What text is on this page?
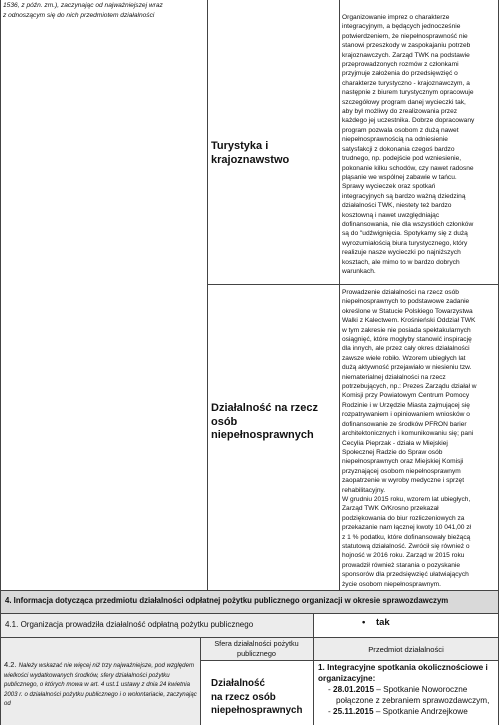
1536, z późn. zm.), zaczynając od najważniejszej wraz
z odnoszącym się do nich przedmiotem działalności
Turystyka i krajoznawstwo
Organizowanie imprez o charakterze
integracyjnym, a będących jednocześnie
potwierdzeniem, że niepełnosprawność nie
stanowi przeszkody w zaspokajaniu potrzeb
krajoznawczych. Zarząd TWK na podstawie
przeprowadzonych rozmów z członkami
przyjmuje założenia do przedsięwzięć o
charakterze turystyczno - krajoznawczym, a
następnie z biurem turystycznym opracowuje
szczegółowy program danej wycieczki tak,
aby był możliwy do zrealizowania przez
każdego jej uczestnika. Dobrze dopracowany
program pozwala osobom z dużą nawet
niepełnosprawnością na odniesienie
satysfakcji z dokonania czegoś bardzo
trudnego, np. podejście pod wzniesienie,
pokonanie kilku schodów, czy nawet radosne
pląsanie we wspólnej zabawie w tańcu.
Sprawy wycieczek oraz spotkań
integracyjnych są bardzo ważną dziedziną
działalności TWK, niestety też bardzo
kosztowną i nawet uwzględniając
dofinansowania, nie dla wszystkich członków
są do "udźwignięcia. Spotykamy się z dużą
wyrozumiałością biura turystycznego, który
realizuje nasze wycieczki po najniższych
kosztach, ale mimo to w bardzo dobrych
warunkach.
Działalność na rzecz osób niepełnosprawnych
Prowadzenie działalności na rzecz osób
niepełnosprawnych to podstawowe zadanie
określone w Statucie Polskiego Towarzystwa
Walki z Kalectwem. Krośnieński Oddział TWK
w tym zakresie nie posiada spektakularnych
osiągnięć, które mogłyby stanowić inspirację
dla innych, ale przez cały okres działalności
zawsze wiele robiło. Wzorem ubiegłych lat
dużą aktywność przejawiało w niesieniu tzw.
niematerialnej działalności na rzecz
potrzebujących, np.: Prezes Zarządu działał w
Komisji przy Powiatowym Centrum Pomocy
Rodzinie i w Urzędzie Miasta zajmującej się
rozpatrywaniem i opiniowaniem wniosków o
dofinansowanie ze środków PFRON barier
architektonicznych i komunikowaniu się; pani
Cecylia Pieprzak - działa w Miejskiej
Społecznej Radzie do Spraw osób
niepełnosprawnych oraz Miejskiej Komisji
przyznającej osobom niepełnosprawnym
zaopatrzenie w wyroby medyczne i sprzęt
rehabilitacyjny.
W grudniu 2015 roku, wzorem lat ubiegłych,
Zarząd TWK O/Krosno przekazał
podziękowania do biur rozliczeniowych za
przekazanie nam łącznej kwoty 10 041,00 zł
z 1 % podatku, które dofinansowały bieżącą
statutową działalność. Zwrócił się również o
hojność w 2016 roku. Zarząd w 2015 roku
prowadził również starania o pozyskanie
sponsorów dla przedsięwzięć ułatwiających
życie osobom niepełnosprawnym.
4. Informacja dotycząca przedmiotu działalności odpłatnej pożytku publicznego organizacji w okresie sprawozdawczym
4.1. Organizacja prowadziła działalność odpłatną pożytku publicznego	• tak
4.2. Należy wskazać nie więcej niż trzy najważniejsze, pod względem wielkości wydatkowanych środków, sfery działalności pożytku publicznego, o których mowa w art. 4 ust.1 ustawy z dnia 24 kwietnia 2003 r. o działalności pożytku publicznego i o wolontariacie, zaczynając od
Sfera działalności pożytku publicznego	Przedmiot działalności
Działalność
na rzecz osób
niepełnosprawnych
1. Integracyjne spotkania okolicznościowe i organizacyjne:
- 28.01.2015 – Spotkanie Noworoczne
połączone z zebraniem sprawozdawczym,
- 25.11.2015 – Spotkanie Andrzejkowe
